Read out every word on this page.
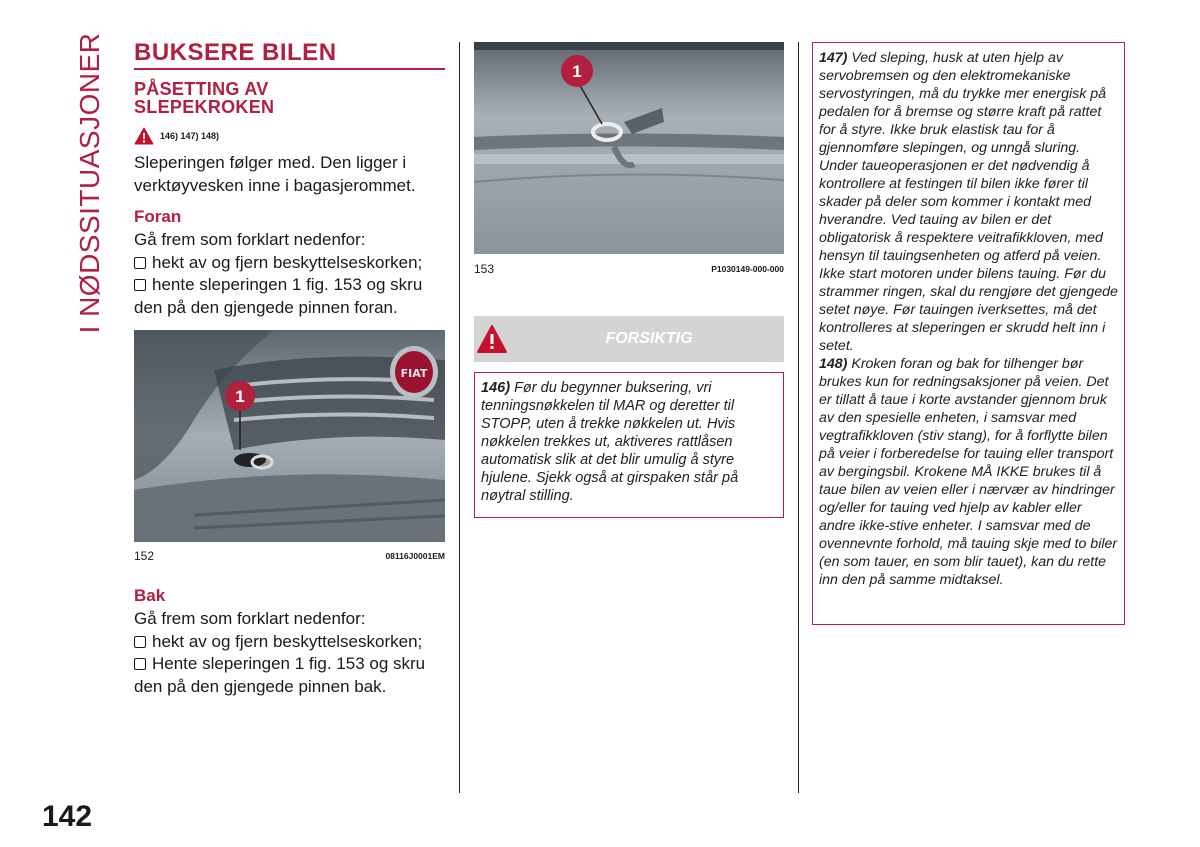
I NØDSSITUASJONER
142
BUKSERE BILEN
PÅSETTING AV SLEPEKROKEN
146) 147) 148)

Sleperingen følger med. Den ligger i verktøyvesken inne i bagasjerommet.

Foran

Gå frem som forklart nedenfor:

hekt av og fjern beskyttelseskorken;

hente sleperingen 1 fig. 153 og skru den på den gjengede pinnen foran.

FIAT
1
152	08116J0001EM
Bak

Gå frem som forklart nedenfor:

hekt av og fjern beskyttelseskorken;

Hente sleperingen 1 fig. 153 og skru den på den gjengede pinnen bak.

1
153	P1030149-000-000
FORSIKTIG
146) Før du begynner buksering, vri tenningsnøkkelen til MAR og deretter til STOPP, uten å trekke nøkkelen ut. Hvis nøkkelen trekkes ut, aktiveres rattlåsen automatisk slik at det blir umulig å styre hjulene. Sjekk også at girspaken står på nøytral stilling.
147) Ved sleping, husk at uten hjelp av servobremsen og den elektromekaniske servostyringen, må du trykke mer energisk på pedalen for å bremse og større kraft på rattet for å styre. Ikke bruk elastisk tau for å gjennomføre slepingen, og unngå sluring. Under taueoperasjonen er det nødvendig å kontrollere at festingen til bilen ikke fører til skader på deler som kommer i kontakt med hverandre. Ved tauing av bilen er det obligatorisk å respektere veitrafikkloven, med hensyn til tauingsenheten og atferd på veien. Ikke start motoren under bilens tauing. Før du strammer ringen, skal du rengjøre det gjengede setet nøye. Før tauingen iverksettes, må det kontrolleres at sleperingen er skrudd helt inn i setet.
148) Kroken foran og bak for tilhenger bør brukes kun for redningsaksjoner på veien. Det er tillatt å taue i korte avstander gjennom bruk av den spesielle enheten, i samsvar med vegtrafikkloven (stiv stang), for å forflytte bilen på veier i forberedelse for tauing eller transport av bergingsbil. Krokene MÅ IKKE brukes til å taue bilen av veien eller i nærvær av hindringer og/eller for tauing ved hjelp av kabler eller andre ikke-stive enheter. I samsvar med de ovennevnte forhold, må tauing skje med to biler (en som tauer, en som blir tauet), kan du rette inn den på samme midtaksel.
